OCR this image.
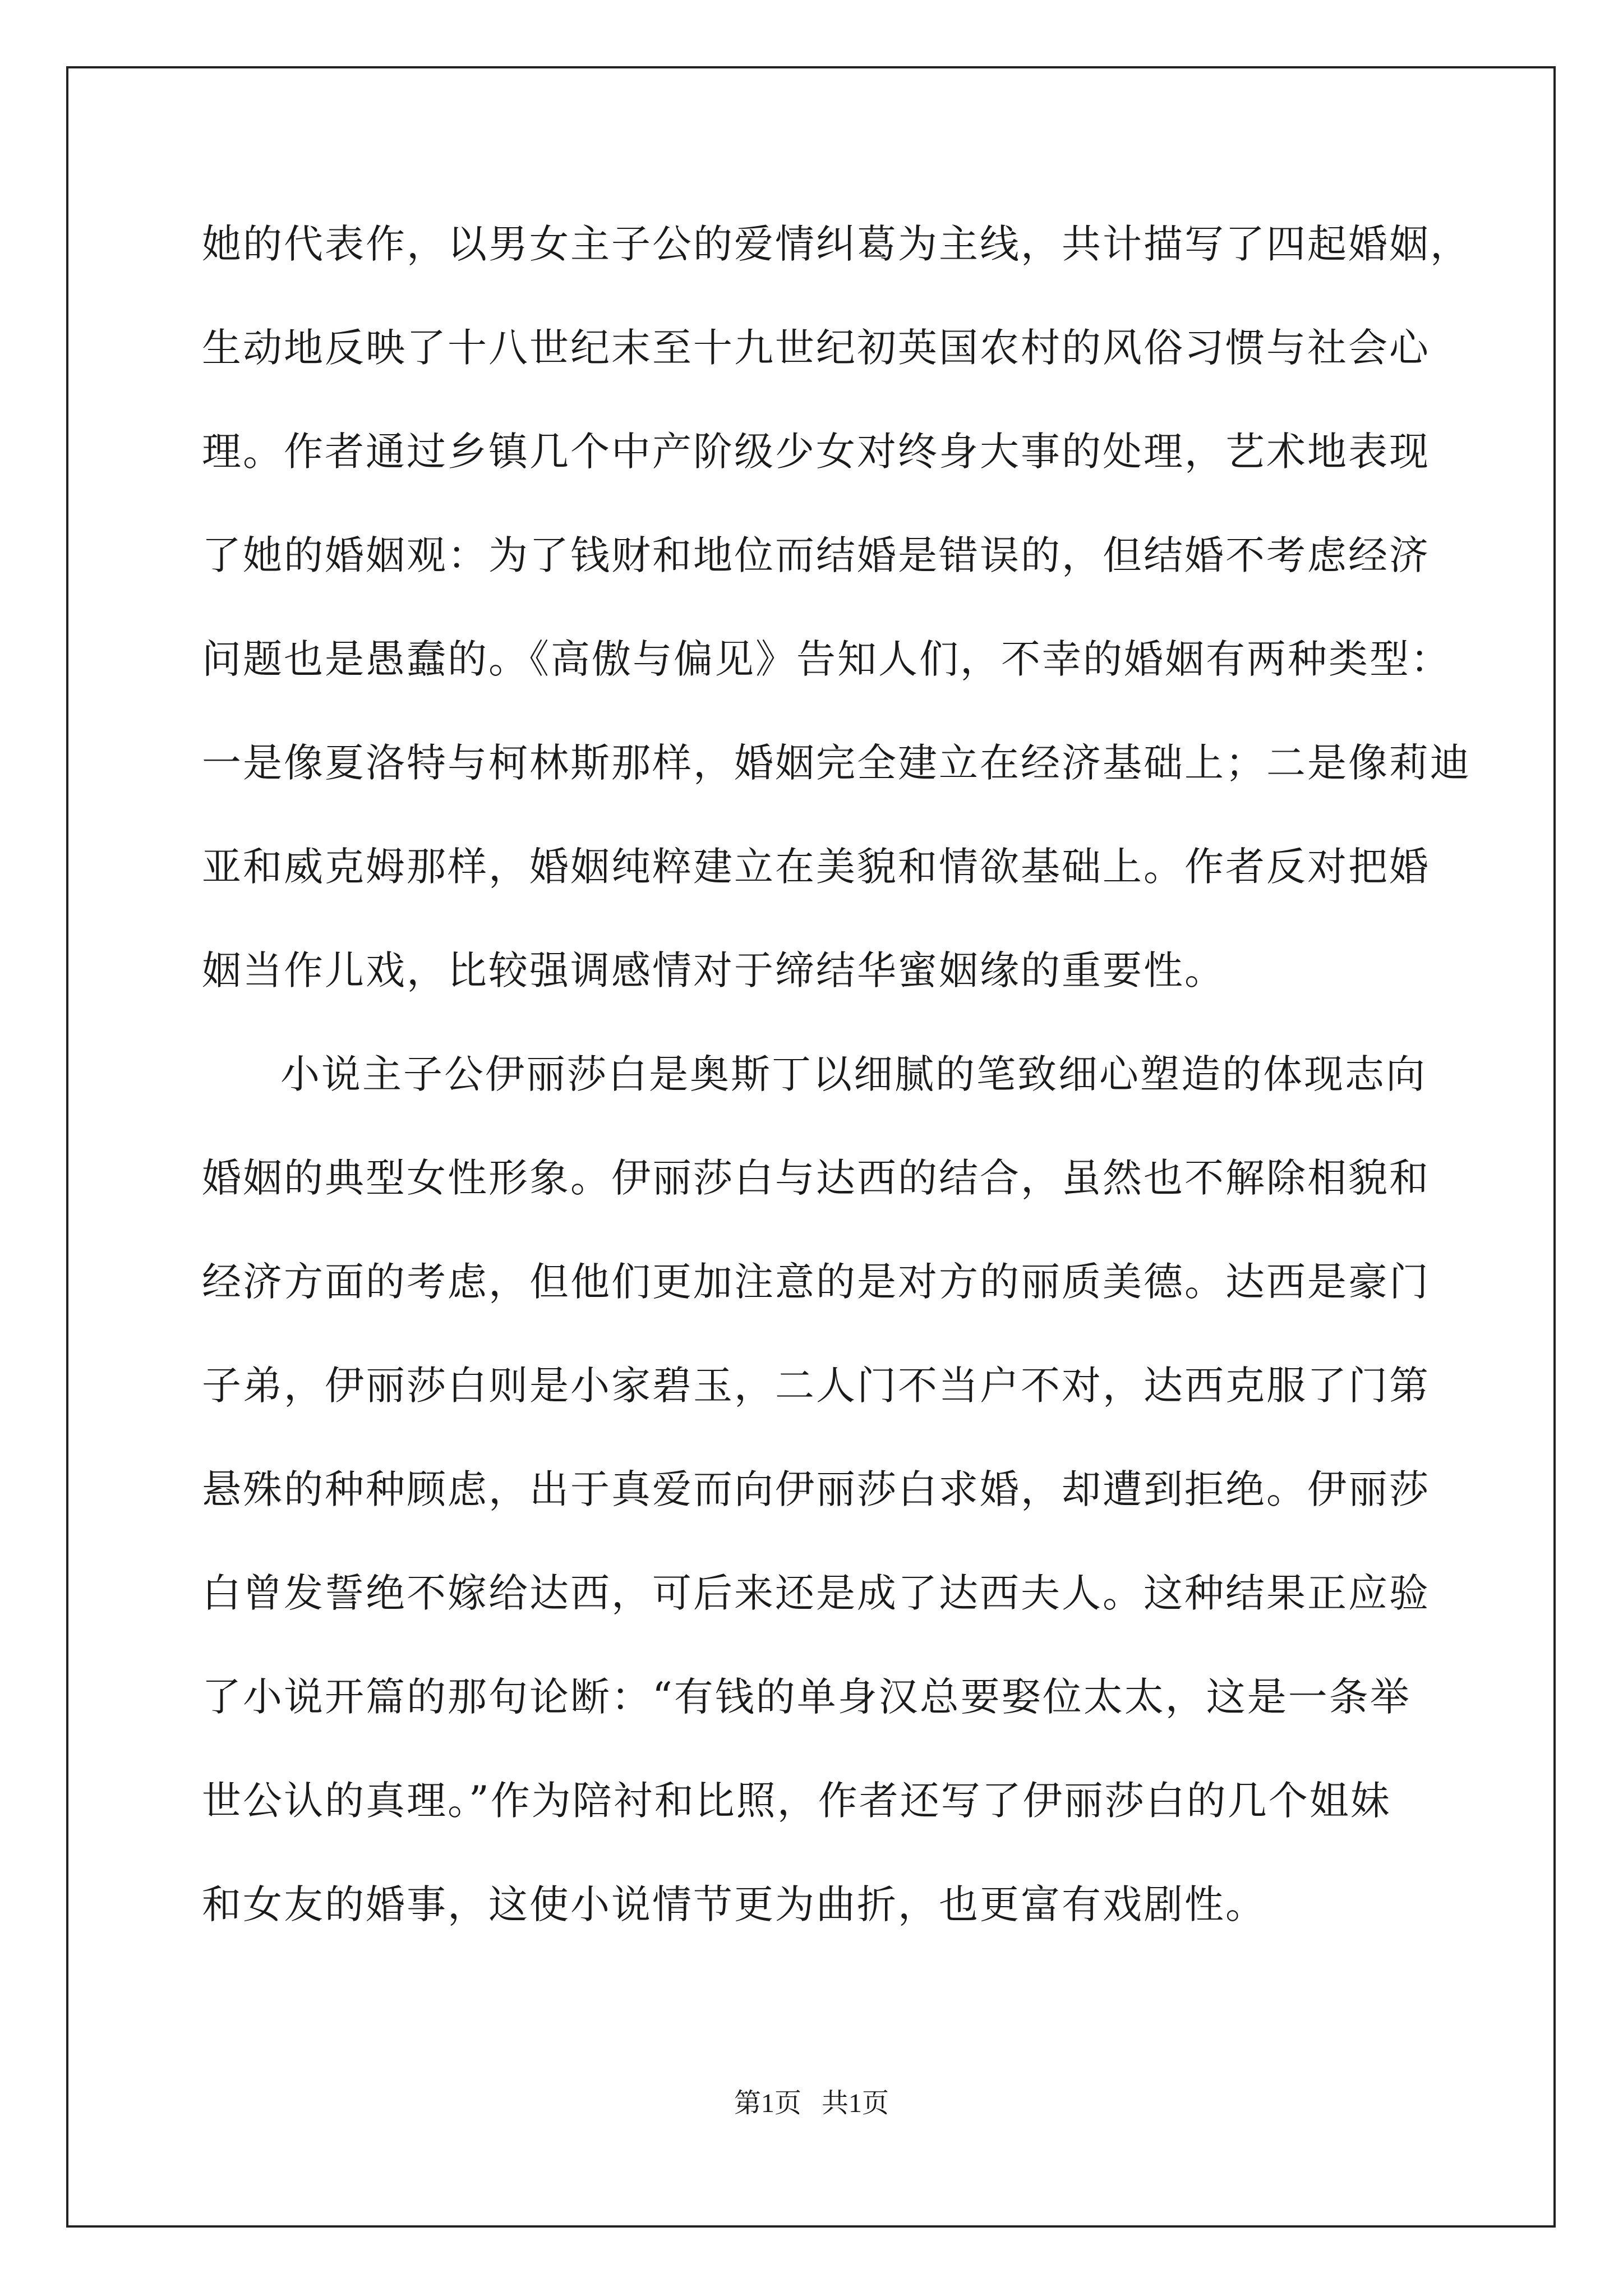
她的代表作，以男女主子公的爱情纠葛为主线，共计描写了四起婚姻，
生动地反映了十八世纪末至十九世纪初英国农村的风俗习惯与社会心
理。作者通过乡镇几个中产阶级少女对终身大事的处理，艺术地表现
了她的婚姻观：为了钱财和地位而结婚是错误的，但结婚不考虑经济
问题也是愚蠢的。《高傲与偏见》告知人们，不幸的婚姻有两种类型：
一是像夏洛特与柯林斯那样，婚姻完全建立在经济基础上；二是像莉迪
亚和威克姆那样，婚姻纯粹建立在美貌和情欲基础上。作者反对把婚
姻当作儿戏，比较强调感情对于缔结华蜜姻缘的重要性。
小说主子公伊丽莎白是奥斯丁以细腻的笔致细心塑造的体现志向
婚姻的典型女性形象。伊丽莎白与达西的结合，虽然也不解除相貌和
经济方面的考虑，但他们更加注意的是对方的丽质美德。达西是豪门
子弟，伊丽莎白则是小家碧玉，二人门不当户不对，达西克服了门第
悬殊的种种顾虑，出于真爱而向伊丽莎白求婚，却遭到拒绝。伊丽莎
白曾发誓绝不嫁给达西，可后来还是成了达西夫人。这种结果正应验
了小说开篇的那句论断：“有钱的单身汉总要娶位太太，这是一条举
世公认的真理。”作为陪衬和比照，作者还写了伊丽莎白的几个姐妹
和女友的婚事，这使小说情节更为曲折，也更富有戏剧性。
第1页   共1页
